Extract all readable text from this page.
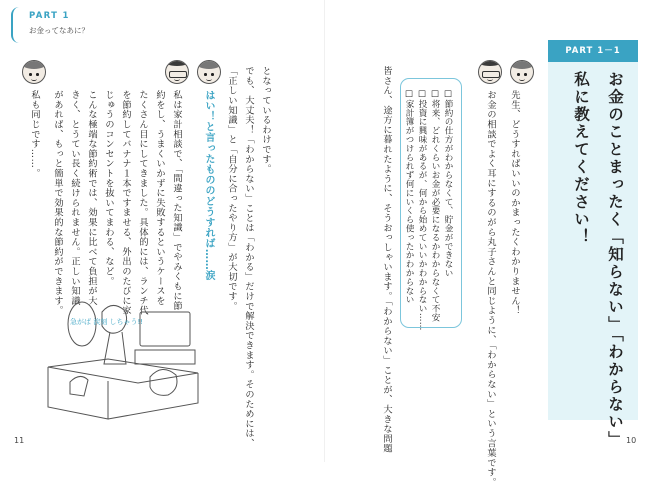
PART 1
お金ってなあに？
PART 1－1
お金のことまったく「知らない」「わからない」
私に教えてください！
先生、どうすればいいのかまったくわかりません！
お金の相談でよく耳にするのがら丸子さんと同じように、「わからない」という言葉です。
□節約の仕方がわからなくて、貯金ができない
□将来、どれくらいお金が必要になるかわからなくて不安
□投資に興味があるが、何から始めていいかわからない……
□家計簿がつけられず何にいくら使ったかわからない
皆さん、途方に暮れたように、そうおっしゃいます。「わからない」ことが、大きな問題
となっているわけです。
でも、大丈夫！「わからない」ことは「わかる」だけで解決できます。そのためには、
「正しい知識」と「自分に合ったやり方」が大切です。
はい！と言ったもののどうすれば……涙
私は家計相談で、「間違った知識」でやみくもに節
約をし、うまくいかずに失敗するというケースを
たくさん目にしてきました。具体的には、ランチ代
を節約してバナナ１本ですませる、外出のたびに家
じゅうのコンセントを抜いてまわる、など。
こんな極端な節約術では、効果に比べて負担が大
きく、とうてい長く続けられません。正しい知識
があれば、もっと簡単で効果的な節約ができます。
私も同じです……。
急がば 涙刻 しちゃう!!
11	10
